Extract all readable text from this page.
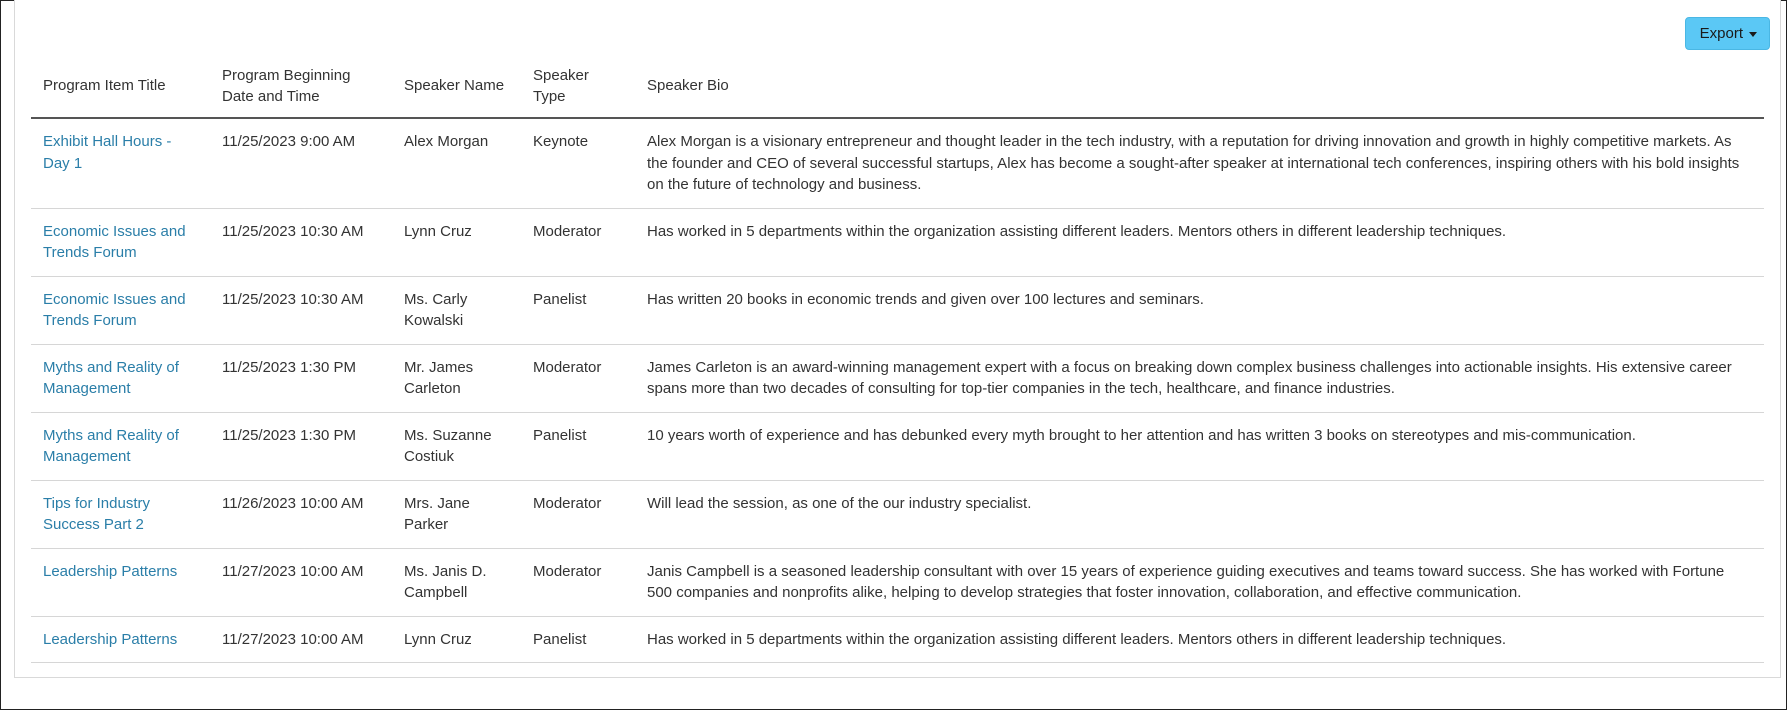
Export
Program Item Title	Program Beginning Date and Time	Speaker Name	Speaker Type	Speaker Bio
Exhibit Hall Hours - Day 1	11/25/2023 9:00 AM	Alex Morgan	Keynote	Alex Morgan is a visionary entrepreneur and thought leader in the tech industry, with a reputation for driving innovation and growth in highly competitive markets. As the founder and CEO of several successful startups, Alex has become a sought-after speaker at international tech conferences, inspiring others with his bold insights on the future of technology and business.
Economic Issues and Trends Forum	11/25/2023 10:30 AM	Lynn Cruz	Moderator	Has worked in 5 departments within the organization assisting different leaders. Mentors others in different leadership techniques.
Economic Issues and Trends Forum	11/25/2023 10:30 AM	Ms. Carly Kowalski	Panelist	Has written 20 books in economic trends and given over 100 lectures and seminars.
Myths and Reality of Management	11/25/2023 1:30 PM	Mr. James Carleton	Moderator	James Carleton is an award-winning management expert with a focus on breaking down complex business challenges into actionable insights. His extensive career spans more than two decades of consulting for top-tier companies in the tech, healthcare, and finance industries.
Myths and Reality of Management	11/25/2023 1:30 PM	Ms. Suzanne Costiuk	Panelist	10 years worth of experience and has debunked every myth brought to her attention and has written 3 books on stereotypes and mis-communication.
Tips for Industry Success Part 2	11/26/2023 10:00 AM	Mrs. Jane Parker	Moderator	Will lead the session, as one of the our industry specialist.
Leadership Patterns	11/27/2023 10:00 AM	Ms. Janis D. Campbell	Moderator	Janis Campbell is a seasoned leadership consultant with over 15 years of experience guiding executives and teams toward success. She has worked with Fortune 500 companies and nonprofits alike, helping to develop strategies that foster innovation, collaboration, and effective communication.
Leadership Patterns	11/27/2023 10:00 AM	Lynn Cruz	Panelist	Has worked in 5 departments within the organization assisting different leaders. Mentors others in different leadership techniques.
